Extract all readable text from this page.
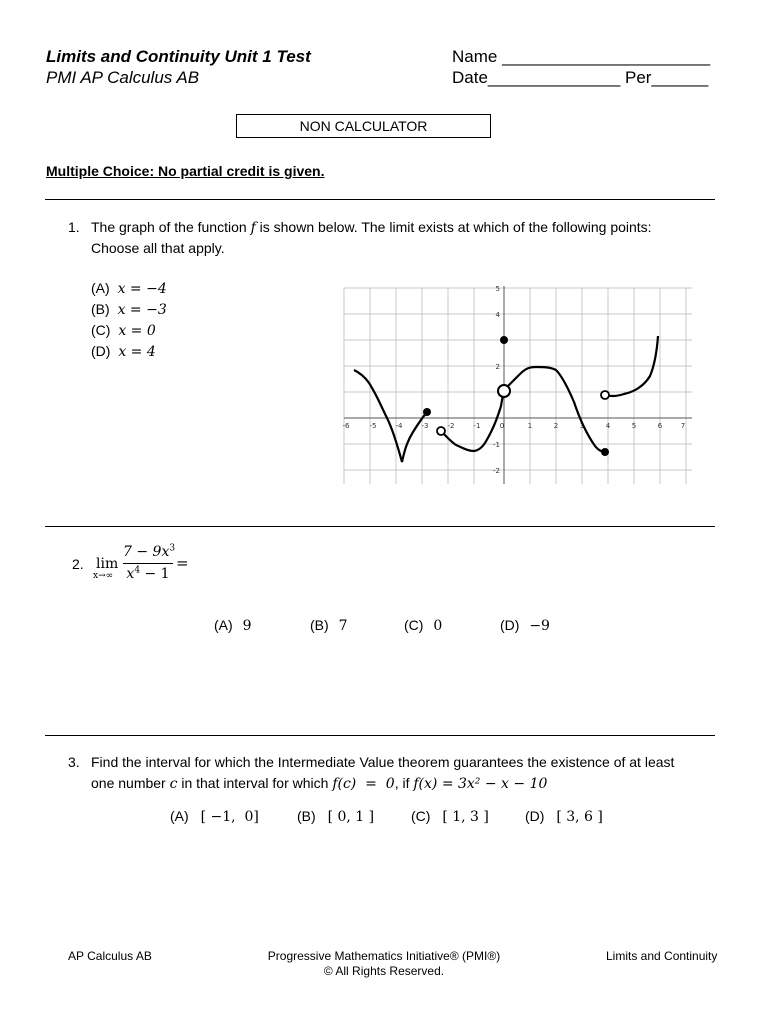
Limits and Continuity Unit 1 Test
PMI AP Calculus AB
Name ______________________
Date______________ Per______
NON CALCULATOR
Multiple Choice: No partial credit is given.
1. The graph of the function f is shown below. The limit exists at which of the following points:
Choose all that apply.
(A) x = −4
(B) x = −3
(C) x = 0
(D) x = 4
-6	-5	-4	-3	-2	-1	0	1	2	3	4	5	6	7
5
4
2
-1
-2
2. lim
x→∞
$7 - 9x^3$
$x^4 - 1$
=
(A) 9	(B) 7	(C) 0	(D) −9
3. Find the interval for which the Intermediate Value theorem guarantees the existence of at least
one number c in that interval for which f(c)  =  0, if f(x) = 3x² − x − 10
(A) [ −1,  0]	(B) [ 0, 1 ]	(C) [ 1, 3 ]	(D) [ 3, 6 ]
AP Calculus AB	Progressive Mathematics Initiative® (PMI®)
© All Rights Reserved.
Limits and Continuity
